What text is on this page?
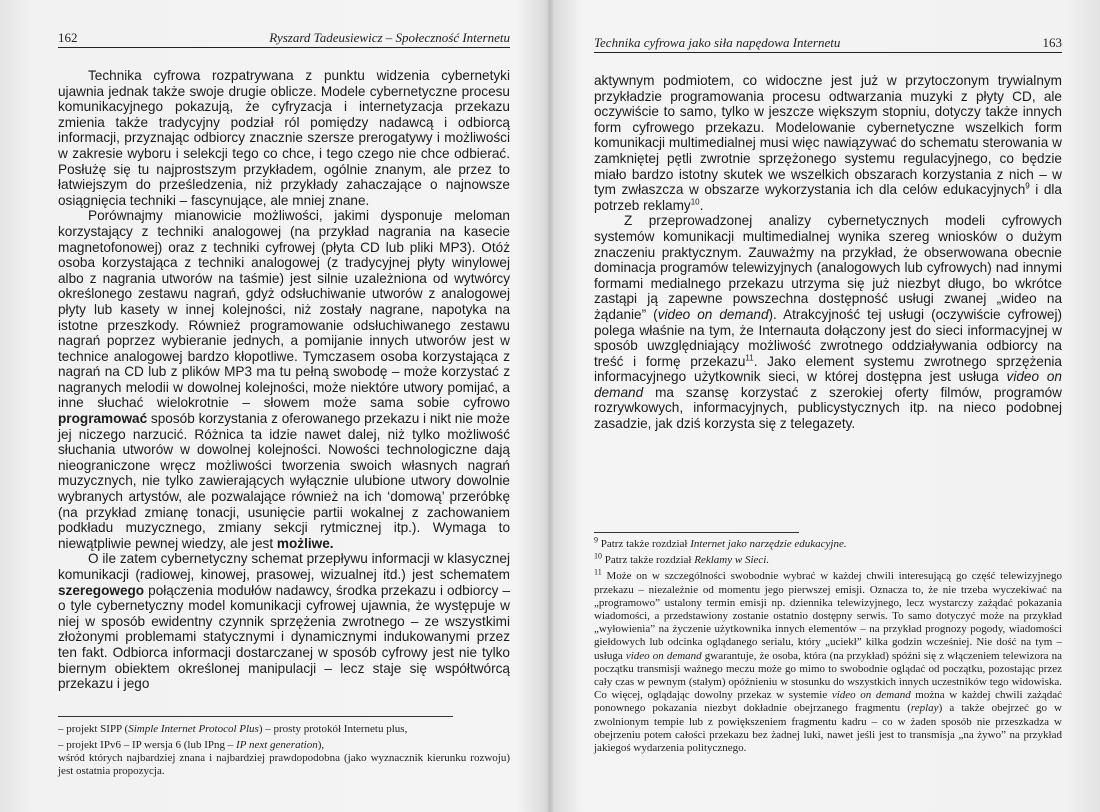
162	Ryszard Tadeusiewicz – Społeczność Internetu

Technika cyfrowa rozpatrywana z punktu widzenia cybernetyki ujawnia jednak także swoje drugie oblicze. Modele cybernetyczne procesu komunikacyjnego pokazują, że cyfryzacja i internetyzacja przekazu zmienia także tradycyjny podział ról pomiędzy nadawcą i odbiorcą informacji, przyznając odbiorcy znacznie szersze prerogatywy i możliwości w zakresie wyboru i selekcji tego co chce, i tego czego nie chce odbierać. Posłużę się tu najprostszym przykładem, ogólnie znanym, ale przez to łatwiejszym do prześledzenia, niż przykłady zahaczające o najnowsze osiągnięcia techniki – fascynujące, ale mniej znane.

Porównajmy mianowicie możliwości, jakimi dysponuje meloman korzystający z techniki analogowej (na przykład nagrania na kasecie magnetofonowej) oraz z techniki cyfrowej (płyta CD lub pliki MP3). Otóż osoba korzystająca z techniki analogowej (z tradycyjnej płyty winylowej albo z nagrania utworów na taśmie) jest silnie uzależniona od wytwórcy określonego zestawu nagrań, gdyż odsłuchiwanie utworów z analogowej płyty lub kasety w innej kolejności, niż zostały nagrane, napotyka na istotne przeszkody. Również programowanie odsłuchiwanego zestawu nagrań poprzez wybieranie jednych, a pomijanie innych utworów jest w technice analogowej bardzo kłopotliwe. Tymczasem osoba korzystająca z nagrań na CD lub z plików MP3 ma tu pełną swobodę – może korzystać z nagranych melodii w dowolnej kolejności, może niektóre utwory pomijać, a inne słuchać wielokrotnie – słowem może sama sobie cyfrowo programować sposób korzystania z oferowanego przekazu i nikt nie może jej niczego narzucić. Różnica ta idzie nawet dalej, niż tylko możliwość słuchania utworów w dowolnej kolejności. Nowości technologiczne dają nieograniczone wręcz możliwości tworzenia swoich własnych nagrań muzycznych, nie tylko zawierających wyłącznie ulubione utwory dowolnie wybranych artystów, ale pozwalające również na ich ‘domową’ przeróbkę (na przykład zmianę tonacji, usunięcie partii wokalnej z zachowaniem podkładu muzycznego, zmiany sekcji rytmicznej itp.). Wymaga to niewątpliwie pewnej wiedzy, ale jest możliwe.

O ile zatem cybernetyczny schemat przepływu informacji w klasycznej komunikacji (radiowej, kinowej, prasowej, wizualnej itd.) jest schematem szeregowego połączenia modułów nadawcy, środka przekazu i odbiorcy – o tyle cybernetyczny model komunikacji cyfrowej ujawnia, że występuje w niej w sposób ewidentny czynnik sprzężenia zwrotnego – ze wszystkimi złożonymi problemami statycznymi i dynamicznymi indukowanymi przez ten fakt. Odbiorca informacji dostarczanej w sposób cyfrowy jest nie tylko biernym obiektem określonej manipulacji – lecz staje się współtwórcą przekazu i jego

– projekt SIPP (Simple Internet Protocol Plus) – prosty protokół Internetu plus,

– projekt IPv6 – IP wersja 6 (lub IPng – IP next generation),

wśród których najbardziej znana i najbardziej prawdopodobna (jako wyznacznik kierunku rozwoju) jest ostatnia propozycja.

Technika cyfrowa jako siła napędowa Internetu	163

aktywnym podmiotem, co widoczne jest już w przytoczonym trywialnym przykładzie programowania procesu odtwarzania muzyki z płyty CD, ale oczywiście to samo, tylko w jeszcze większym stopniu, dotyczy także innych form cyfrowego przekazu. Modelowanie cybernetyczne wszelkich form komunikacji multimedialnej musi więc nawiązywać do schematu sterowania w zamkniętej pętli zwrotnie sprzężonego systemu regulacyjnego, co będzie miało bardzo istotny skutek we wszelkich obszarach korzystania z nich – w tym zwłaszcza w obszarze wykorzystania ich dla celów edukacyjnych$^9$ i dla potrzeb reklamy$^{10}$.

Z przeprowadzonej analizy cybernetycznych modeli cyfrowych systemów komunikacji multimedialnej wynika szereg wniosków o dużym znaczeniu praktycznym. Zauważmy na przykład, że obserwowana obecnie dominacja programów telewizyjnych (analogowych lub cyfrowych) nad innymi formami medialnego przekazu utrzyma się już niezbyt długo, bo wkrótce zastąpi ją zapewne powszechna dostępność usługi zwanej „wideo na żądanie” (video on demand). Atrakcyjność tej usługi (oczywiście cyfrowej) polega właśnie na tym, że Internauta dołączony jest do sieci informacyjnej w sposób uwzględniający możliwość zwrotnego oddziaływania odbiorcy na treść i formę przekazu$^{11}$. Jako element systemu zwrotnego sprzężenia informacyjnego użytkownik sieci, w której dostępna jest usługa video on demand ma szansę korzystać z szerokiej oferty filmów, programów rozrywkowych, informacyjnych, publicystycznych itp. na nieco podobnej zasadzie, jak dziś korzysta się z telegazety.

$^9$ Patrz także rozdział Internet jako narzędzie edukacyjne.

$^{10}$ Patrz także rozdział Reklamy w Sieci.

$^{11}$ Może on w szczególności swobodnie wybrać w każdej chwili interesującą go część telewizyjnego przekazu – niezależnie od momentu jego pierwszej emisji. Oznacza to, że nie trzeba wyczekiwać na „programowo” ustalony termin emisji np. dziennika telewizyjnego, lecz wystarczy zażądać pokazania wiadomości, a przedstawiony zostanie ostatnio dostępny serwis. To samo dotyczyć może na przykład „wyłowienia” na życzenie użytkownika innych elementów – na przykład prognozy pogody, wiadomości giełdowych lub odcinka oglądanego serialu, który „uciekł” kilka godzin wcześniej. Nie dość na tym – usługa video on demand gwarantuje, że osoba, która (na przykład) spóźni się z włączeniem telewizora na początku transmisji ważnego meczu może go mimo to swobodnie oglądać od początku, pozostając przez cały czas w pewnym (stałym) opóźnieniu w stosunku do wszystkich innych uczestników tego widowiska. Co więcej, oglądając dowolny przekaz w systemie video on demand można w każdej chwili zażądać ponownego pokazania niezbyt dokładnie obejrzanego fragmentu (replay) a także obejrzeć go w zwolnionym tempie lub z powiększeniem fragmentu kadru – co w żaden sposób nie przeszkadza w obejrzeniu potem całości przekazu bez żadnej luki, nawet jeśli jest to transmisja „na żywo” na przykład jakiegoś wydarzenia politycznego.
